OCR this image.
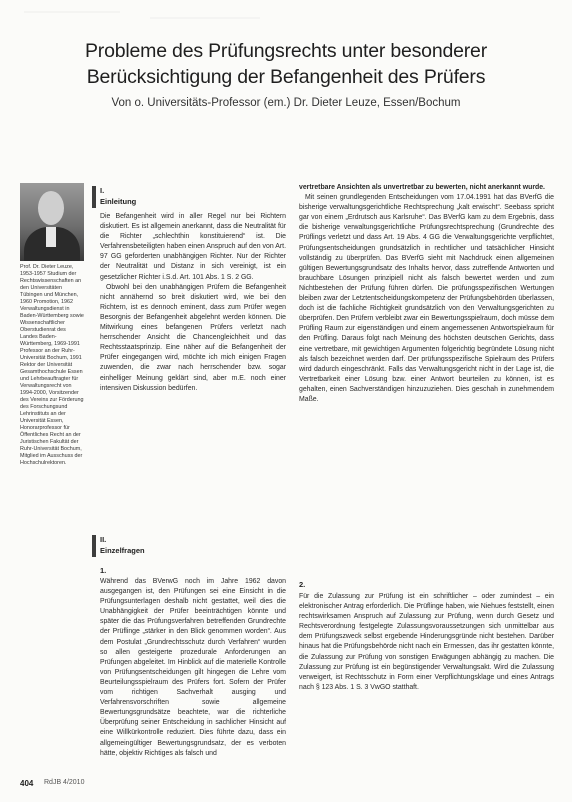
Probleme des Prüfungsrechts unter besonderer
Berücksichtigung der Befangenheit des Prüfers
Von o. Universitäts-Professor (em.) Dr. Dieter Leuze, Essen/Bochum
Prof. Dr. Dieter Leuze, 1953-1957 Studium der Rechtswissenschaften an den Universitäten Tübingen und München, 1960 Promotion, 1962 Verwaltungsdienst in Baden-Württemberg sowie Wissenschaftlicher Oberstudienrat des Landes Baden-Württemberg, 1969-1991 Professor an der Ruhr-Universität Bochum, 1991 Rektor der Universität Gesamthochschule Essen und Lehrbeauftragter für Verwaltungsrecht von 1994-2000, Vorsitzender des Vereins zur Förderung des Forschungsund Lehrinstituts an der Universität Essen, Honorarprofessor für Öffentliches Recht an der Juristischen Fakultät der Ruhr-Universität Bochum, Mitglied im Ausschuss der Hochschulrektoren.
I.
Einleitung

Die Befangenheit wird in aller Regel nur bei Richtern diskutiert. Es ist allgemein anerkannt, dass die Neutralität für die Richter „schlechthin konstituierend“ ist. Die Verfahrensbeteiligten haben einen Anspruch auf den von Art. 97 GG geforderten unabhängigen Richter. Nur der Richter der Neutralität und Distanz in sich vereinigt, ist ein gesetzlicher Richter i.S.d. Art. 101 Abs. 1 S. 2 GG.

Obwohl bei den unabhängigen Prüfern die Befangenheit nicht annähernd so breit diskutiert wird, wie bei den Richtern, ist es dennoch eminent, dass zum Prüfer wegen Besorgnis der Befangenheit abgelehnt werden können. Die Mitwirkung eines befangenen Prüfers verletzt nach herrschender Ansicht die Chancengleichheit und das Rechtsstaatsprinzip. Eine näher auf die Befangenheit der Prüfer eingegangen wird, möchte ich mich einigen Fragen zuwenden, die zwar nach herrschender bzw. sogar einhelliger Meinung geklärt sind, aber m.E. noch einer intensiven Diskussion bedürfen.

II.
Einzelfragen
1.

Während das BVerwG noch im Jahre 1962 davon ausgegangen ist, den Prüfungen sei eine Einsicht in die Prüfungsunterlagen deshalb nicht gestattet, weil dies die Unabhängigkeit der Prüfer beeinträchtigen könnte und später die das Prüfungsverfahren betreffenden Grundrechte der Prüflinge „stärker in den Blick genommen worden“. Aus dem Postulat „Grundrechtsschutz durch Verfahren“ wurden so allen gesteigerte prozedurale Anforderungen an Prüfungen abgeleitet. Im Hinblick auf die materielle Kontrolle von Prüfungsentscheidungen gilt hingegen die Lehre vom Beurteilungsspielraum des Prüfers fort. Sofern der Prüfer vom richtigen Sachverhalt ausging und Verfahrensvorschriften sowie allgemeine Bewertungsgrundsätze beachtete, war die richterliche Überprüfung seiner Entscheidung in sachlicher Hinsicht auf eine Willkürkontrolle reduziert. Dies führte dazu, dass ein allgemeingültiger Bewertungsgrundsatz, der es verboten hätte, objektiv Richtiges als falsch und

vertretbare Ansichten als unvertretbar zu bewerten, nicht anerkannt wurde.

Mit seinen grundlegenden Entscheidungen vom 17.04.1991 hat das BVerfG die bisherige verwaltungsgerichtliche Rechtsprechung „kalt erwischt“. Seebass spricht gar von einem „Erdrutsch aus Karlsruhe“. Das BVerfG kam zu dem Ergebnis, dass die bisherige verwaltungsgerichtliche Prüfungsrechtsprechung (Grundrechte des Prüflings verletzt und dass Art. 19 Abs. 4 GG die Verwaltungsgerichte verpflichtet, Prüfungsentscheidungen grundsätzlich in rechtlicher und tatsächlicher Hinsicht vollständig zu überprüfen. Das BVerfG sieht mit Nachdruck einen allgemeinen gültigen Bewertungsgrundsatz des Inhalts hervor, dass zutreffende Antworten und brauchbare Lösungen prinzipiell nicht als falsch bewertet werden und zum Nichtbestehen der Prüfung führen dürfen. Die prüfungsspezifischen Wertungen bleiben zwar der Letztentscheidungskompetenz der Prüfungsbehörden überlassen, doch ist die fachliche Richtigkeit grundsätzlich von den Verwaltungsgerichten zu überprüfen. Den Prüfern verbleibt zwar ein Bewertungsspielraum, doch müsse dem Prüfling Raum zur eigenständigen und einem angemessenen Antwortspielraum für den Prüfling. Daraus folgt nach Meinung des höchsten deutschen Gerichts, dass eine vertretbare, mit gewichtigen Argumenten folgerichtig begründete Lösung nicht als falsch bezeichnet werden darf. Der prüfungsspezifische Spielraum des Prüfers wird dadurch eingeschränkt. Falls das Verwaltungsgericht nicht in der Lage ist, die Vertretbarkeit einer Lösung bzw. einer Antwort beurteilen zu können, ist es gehalten, einen Sachverständigen hinzuzuziehen. Dies geschah in zunehmendem Maße.

2.

Für die Zulassung zur Prüfung ist ein schriftlicher – oder zumindest – ein elektronischer Antrag erforderlich. Die Prüflinge haben, wie Niehues feststellt, einen rechtswirksamen Anspruch auf Zulassung zur Prüfung, wenn durch Gesetz und Rechtsverordnung festgelegte Zulassungsvoraussetzungen sich unmittelbar aus dem Prüfungszweck selbst ergebende Hinderungsgründe nicht bestehen. Darüber hinaus hat die Prüfungsbehörde nicht nach ein Ermessen, das ihr gestatten könnte, die Zulassung zur Prüfung von sonstigen Erwägungen abhängig zu machen. Die Zulassung zur Prüfung ist ein begünstigender Verwaltungsakt. Wird die Zulassung verweigert, ist Rechtsschutz in Form einer Verpflichtungsklage und eines Antrags nach § 123 Abs. 1 S. 3 VwGO statthaft.

404 RdJB 4/2010
